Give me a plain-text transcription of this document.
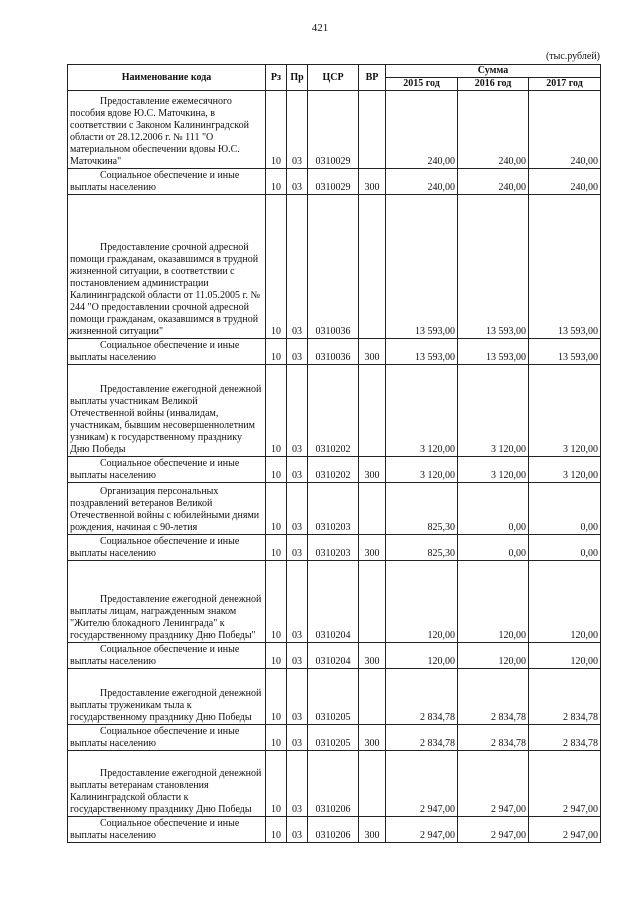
421
(тыс.рублей)
Наименование кода	Рз	Пр	ЦСР	ВР	Сумма		
					2015 год	2016 год	2017 год

Предоставление ежемесячного пособия вдове Ю.С. Маточкина, в соответствии с Законом Калининградской области от 28.12.2006 г. № 111 "О материальном обеспечении вдовы Ю.С. Маточкина"	10	03	0310029		240,00	240,00	240,00

Социальное обеспечение и иные выплаты населению	10	03	0310029	300	240,00	240,00	240,00

Предоставление срочной адресной помощи гражданам, оказавшимся в трудной жизненной ситуации, в соответствии с постановлением администрации Калининградской области от 11.05.2005 г. № 244 "О предоставлении срочной адресной помощи гражданам, оказавшимся в трудной жизненной ситуации"	10	03	0310036		13 593,00	13 593,00	13 593,00

Социальное обеспечение и иные выплаты населению	10	03	0310036	300	13 593,00	13 593,00	13 593,00

Предоставление ежегодной денежной выплаты участникам Великой Отечественной войны (инвалидам, участникам, бывшим несовершеннолетним узникам) к государственному празднику Дню Победы	10	03	0310202		3 120,00	3 120,00	3 120,00

Социальное обеспечение и иные выплаты населению	10	03	0310202	300	3 120,00	3 120,00	3 120,00

Организация персональных поздравлений ветеранов Великой Отечественной войны с юбилейными днями рождения, начиная с 90-летия	10	03	0310203		825,30	0,00	0,00

Социальное обеспечение и иные выплаты населению	10	03	0310203	300	825,30	0,00	0,00

Предоставление ежегодной денежной выплаты лицам, награжденным знаком "Жителю блокадного Ленинграда" к государственному празднику Дню Победы"	10	03	0310204		120,00	120,00	120,00

Социальное обеспечение и иные выплаты населению	10	03	0310204	300	120,00	120,00	120,00

Предоставление ежегодной денежной выплаты труженикам тыла к государственному празднику Дню Победы	10	03	0310205		2 834,78	2 834,78	2 834,78

Социальное обеспечение и иные выплаты населению	10	03	0310205	300	2 834,78	2 834,78	2 834,78

Предоставление ежегодной денежной выплаты ветеранам становления Калининградской области к государственному празднику Дню Победы	10	03	0310206		2 947,00	2 947,00	2 947,00

Социальное обеспечение и иные выплаты населению	10	03	0310206	300	2 947,00	2 947,00	2 947,00
